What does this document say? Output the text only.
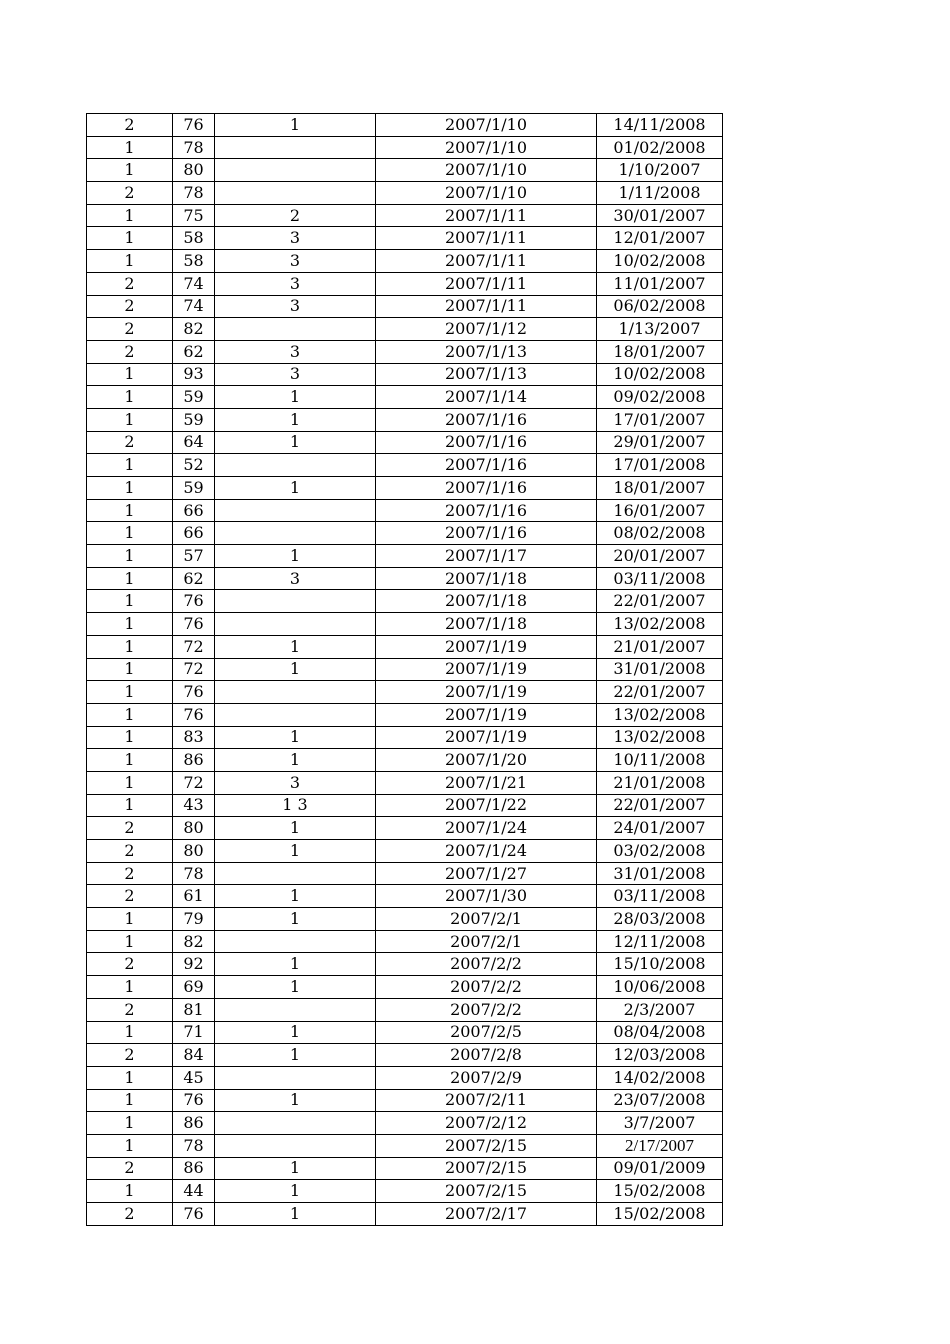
2	76	1	2007/1/10	14/11/2008
1	78		2007/1/10	01/02/2008
1	80		2007/1/10	1/10/2007
2	78		2007/1/10	1/11/2008
1	75	2	2007/1/11	30/01/2007
1	58	3	2007/1/11	12/01/2007
1	58	3	2007/1/11	10/02/2008
2	74	3	2007/1/11	11/01/2007
2	74	3	2007/1/11	06/02/2008
2	82		2007/1/12	1/13/2007
2	62	3	2007/1/13	18/01/2007
1	93	3	2007/1/13	10/02/2008
1	59	1	2007/1/14	09/02/2008
1	59	1	2007/1/16	17/01/2007
2	64	1	2007/1/16	29/01/2007
1	52		2007/1/16	17/01/2008
1	59	1	2007/1/16	18/01/2007
1	66		2007/1/16	16/01/2007
1	66		2007/1/16	08/02/2008
1	57	1	2007/1/17	20/01/2007
1	62	3	2007/1/18	03/11/2008
1	76		2007/1/18	22/01/2007
1	76		2007/1/18	13/02/2008
1	72	1	2007/1/19	21/01/2007
1	72	1	2007/1/19	31/01/2008
1	76		2007/1/19	22/01/2007
1	76		2007/1/19	13/02/2008
1	83	1	2007/1/19	13/02/2008
1	86	1	2007/1/20	10/11/2008
1	72	3	2007/1/21	21/01/2008
1	43	1 3	2007/1/22	22/01/2007
2	80	1	2007/1/24	24/01/2007
2	80	1	2007/1/24	03/02/2008
2	78		2007/1/27	31/01/2008
2	61	1	2007/1/30	03/11/2008
1	79	1	2007/2/1	28/03/2008
1	82		2007/2/1	12/11/2008
2	92	1	2007/2/2	15/10/2008
1	69	1	2007/2/2	10/06/2008
2	81		2007/2/2	2/3/2007
1	71	1	2007/2/5	08/04/2008
2	84	1	2007/2/8	12/03/2008
1	45		2007/2/9	14/02/2008
1	76	1	2007/2/11	23/07/2008
1	86		2007/2/12	3/7/2007
1	78		2007/2/15	2/17/2007
2	86	1	2007/2/15	09/01/2009
1	44	1	2007/2/15	15/02/2008
2	76	1	2007/2/17	15/02/2008
